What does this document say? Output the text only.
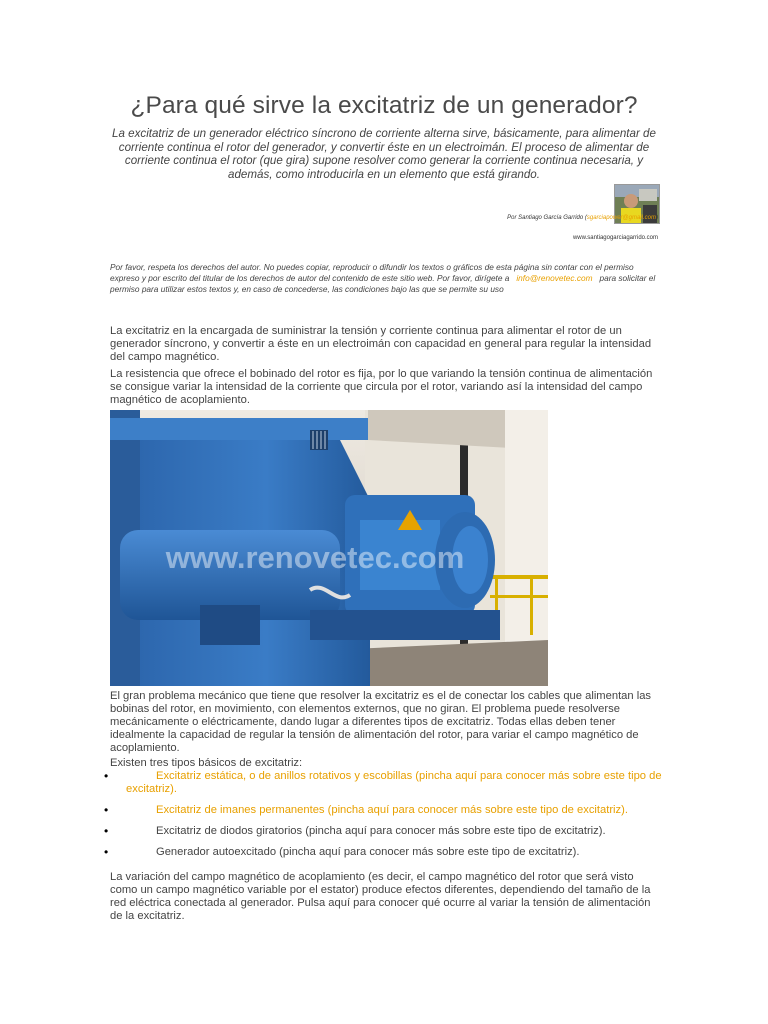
¿Para qué sirve la excitatriz de un generador?

La excitatriz de un generador eléctrico síncrono de corriente alterna sirve, básicamente, para alimentar de corriente continua el rotor del generador, y convertir éste en un electroimán. El proceso de alimentar de corriente continua el rotor (que gira) supone resolver como generar la corriente continua necesaria, y además, como introducirla en un elemento que está girando.

Por Santiago García Garrido (sgarciapower@gmail.com)

www.santiagogarciagarrido.com

Por favor, respeta los derechos del autor. No puedes copiar, reproducir o difundir los textos o gráficos de esta página sin contar con el permiso expreso y por escrito del titular de los derechos de autor del contenido de este sitio web. Por favor, dirígete a info@renovetec.com para solicitar el permiso para utilizar estos textos y, en caso de concederse, las condiciones bajo las que se permite su uso

La excitatriz en la encargada de suministrar la tensión y corriente continua para alimentar el rotor de un generador síncrono, y convertir a éste en un electroimán con capacidad en general para regular la intensidad del campo magnético.

La resistencia que ofrece el bobinado del rotor es fija, por lo que variando la tensión continua de alimentación se consigue variar la intensidad de la corriente que circula por el rotor, variando así la intensidad del campo magnético de acoplamiento.

www.renovetec.com

El gran problema mecánico que tiene que resolver la excitatriz es el de conectar los cables que alimentan las bobinas del rotor, en movimiento, con elementos externos, que no giran. El problema puede resolverse mecánicamente o eléctricamente, dando lugar a diferentes tipos de excitatriz. Todas ellas deben tener idealmente la capacidad de regular la tensión de alimentación del rotor, para variar el campo magnético de acoplamiento.

Existen tres tipos básicos de excitatriz:

•	Excitatriz estática, o de anillos rotativos y escobillas (pincha aquí para conocer más sobre este tipo de excitatriz).
•	Excitatriz de imanes permanentes (pincha aquí para conocer más sobre este tipo de excitatriz).
•	Excitatriz de diodos giratorios (pincha aquí para conocer más sobre este tipo de excitatriz).
•	Generador autoexcitado (pincha aquí para conocer más sobre este tipo de excitatriz).

La variación del campo magnético de acoplamiento (es decir, el campo magnético del rotor que será visto como un campo magnético variable por el estator) produce efectos diferentes, dependiendo del tamaño de la red eléctrica conectada al generador. Pulsa aquí para conocer qué ocurre al variar la tensión de alimentación de la excitatriz.
